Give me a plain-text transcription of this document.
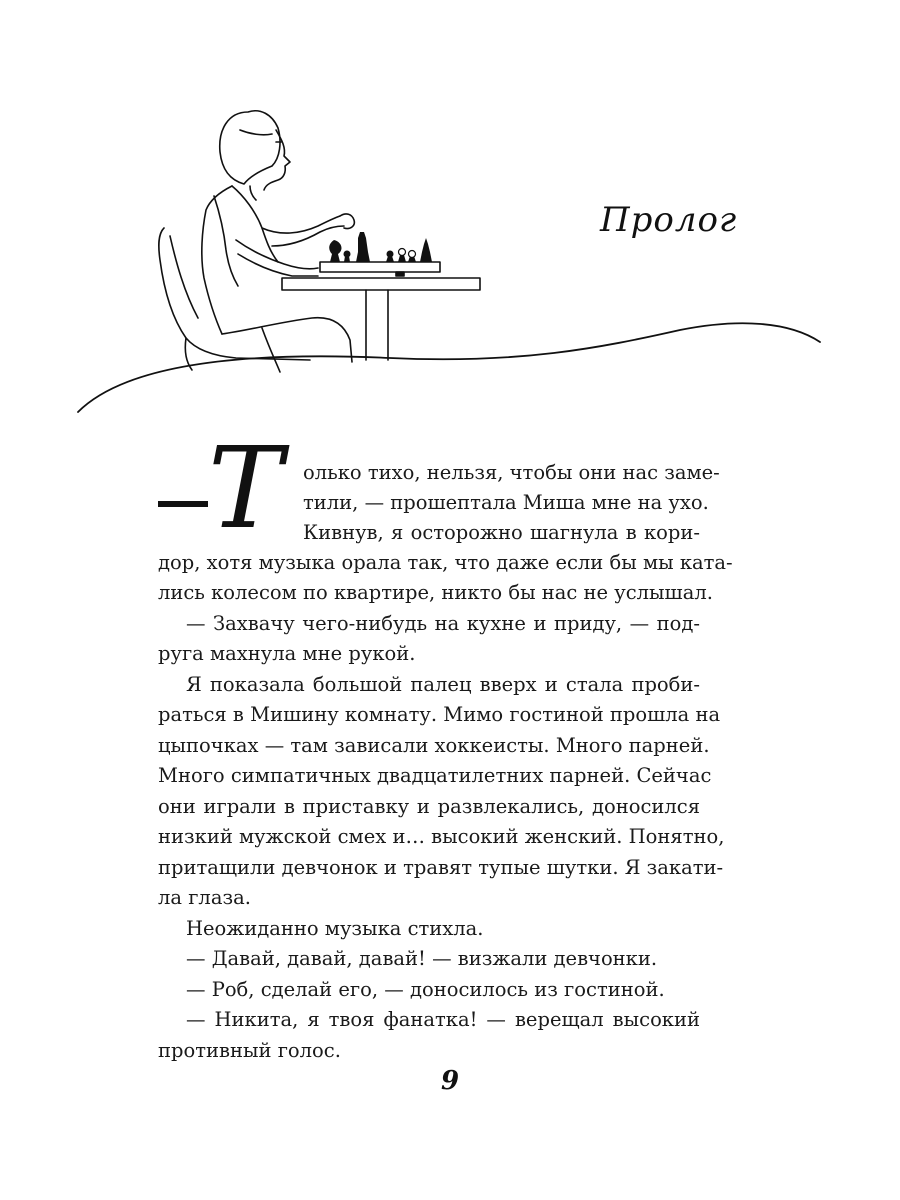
Пролог
Т олько тихо, нельзя, чтобы они нас заме-
тили, — прошептала Миша мне на ухо.
Кивнув, я осторожно шагнула в кори-
дор, хотя музыка орала так, что даже если бы мы ката-
лись колесом по квартире, никто бы нас не услышал.
— Захвачу чего-нибудь на кухне и приду, — под-
руга махнула мне рукой.
Я показала большой палец вверх и стала проби-
раться в Мишину комнату. Мимо гостиной прошла на
цыпочках — там зависали хоккеисты. Много парней.
Много симпатичных двадцатилетних парней. Сейчас
они играли в приставку и развлекались, доносился
низкий мужской смех и… высокий женский. Понятно,
притащили девчонок и травят тупые шутки. Я закати-
ла глаза.
Неожиданно музыка стихла.
— Давай, давай, давай! — визжали девчонки.
— Роб, сделай его, — доносилось из гостиной.
— Никита, я твоя фанатка! — верещал высокий
противный голос.
9
